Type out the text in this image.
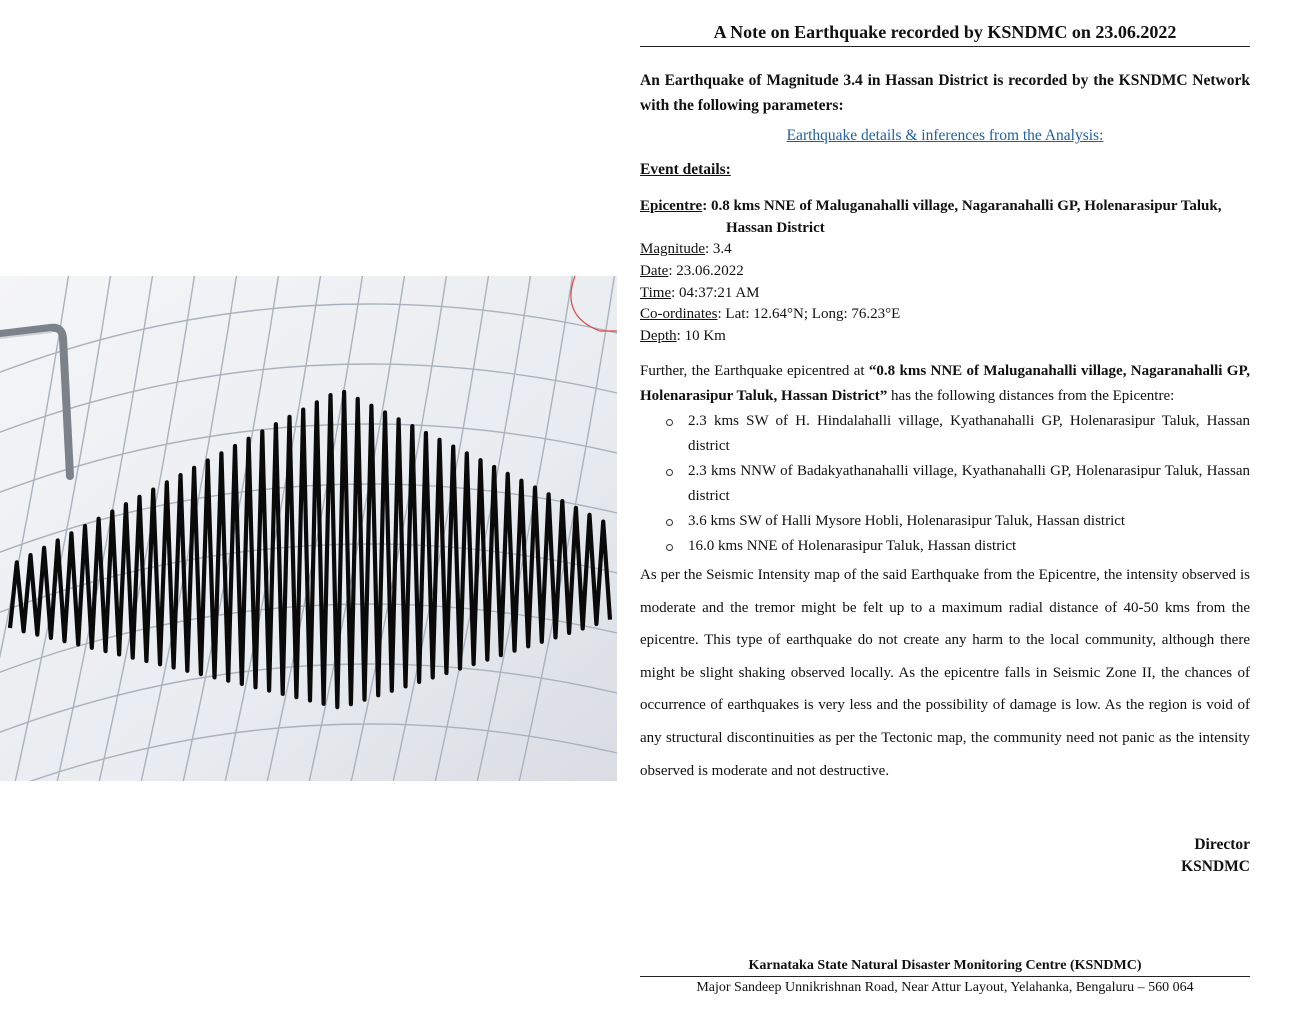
A Note on Earthquake recorded by KSNDMC on 23.06.2022

An Earthquake of Magnitude 3.4 in Hassan District is recorded by the KSNDMC Network with the following parameters:

Earthquake details & inferences from the Analysis:

Event details:

Epicentre: 0.8 kms NNE of Maluganahalli village, Nagaranahalli GP, Holenarasipur Taluk, Hassan District
Magnitude: 3.4
Date: 23.06.2022
Time: 04:37:21 AM
Co-ordinates: Lat: 12.64°N; Long: 76.23°E
Depth: 10 Km

Further, the Earthquake epicentred at “0.8 kms NNE of Maluganahalli village, Nagaranahalli GP, Holenarasipur Taluk, Hassan District” has the following distances from the Epicentre:

2.3 kms SW of H. Hindalahalli village, Kyathanahalli GP, Holenarasipur Taluk, Hassan district
2.3 kms NNW of Badakyathanahalli village, Kyathanahalli GP, Holenarasipur Taluk, Hassan district
3.6 kms SW of Halli Mysore Hobli, Holenarasipur Taluk, Hassan district
16.0 kms NNE of Holenarasipur Taluk, Hassan district

As per the Seismic Intensity map of the said Earthquake from the Epicentre, the intensity observed is moderate and the tremor might be felt up to a maximum radial distance of 40-50 kms from the epicentre. This type of earthquake do not create any harm to the local community, although there might be slight shaking observed locally. As the epicentre falls in Seismic Zone II, the chances of occurrence of earthquakes is very less and the possibility of damage is low. As the region is void of any structural discontinuities as per the Tectonic map, the community need not panic as the intensity observed is moderate and not destructive.

Director
KSNDMC
Karnataka State Natural Disaster Monitoring Centre (KSNDMC)
Major Sandeep Unnikrishnan Road, Near Attur Layout, Yelahanka, Bengaluru – 560 064
